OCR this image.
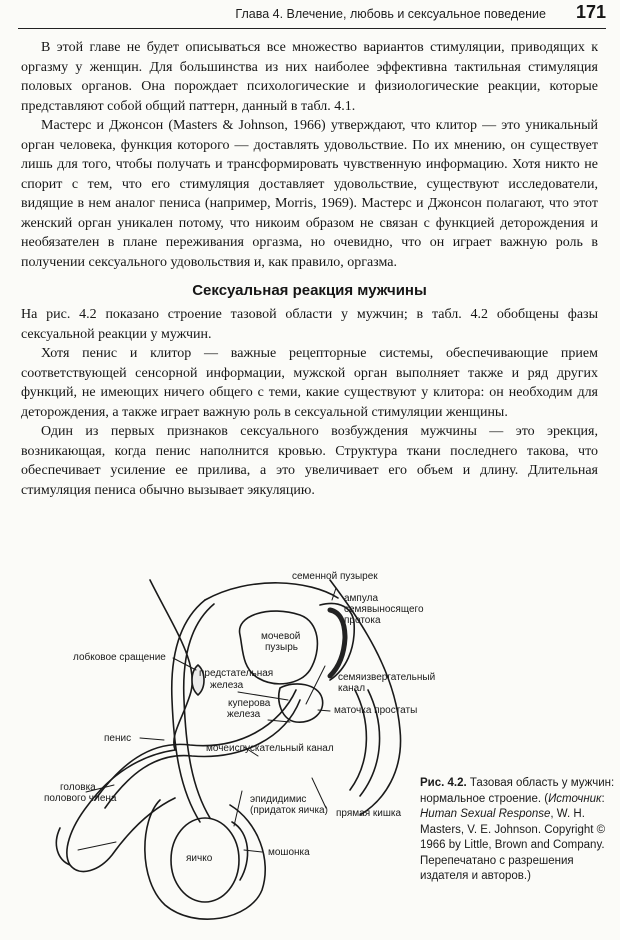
Глава 4. Влечение, любовь и сексуальное поведение 171

В этой главе не будет описываться все множество вариантов стимуляции, приводящих к оргазму у женщин. Для большинства из них наиболее эффективна тактильная стимуляция половых органов. Она порождает психологические и физиологические реакции, которые представляют собой общий паттерн, данный в табл. 4.1.

Мастерс и Джонсон (Masters & Johnson, 1966) утверждают, что клитор — это уникальный орган человека, функция которого — доставлять удовольствие. По их мнению, он существует лишь для того, чтобы получать и трансформировать чувственную информацию. Хотя никто не спорит с тем, что его стимуляция доставляет удовольствие, существуют исследователи, видящие в нем аналог пениса (например, Morris, 1969). Мастерс и Джонсон полагают, что этот женский орган уникален потому, что никоим образом не связан с функцией деторождения и необязателен в плане переживания оргазма, но очевидно, что он играет важную роль в получении сексуального удовольствия и, как правило, оргазма.

Сексуальная реакция мужчины

На рис. 4.2 показано строение тазовой области у мужчин; в табл. 4.2 обобщены фазы сексуальной реакции у мужчин.

Хотя пенис и клитор — важные рецепторные системы, обеспечивающие прием соответствующей сенсорной информации, мужской орган выполняет также и ряд других функций, не имеющих ничего общего с теми, какие существуют у клитора: он необходим для деторождения, а также играет важную роль в сексуальной стимуляции женщины.

Один из первых признаков сексуального возбуждения мужчины — это эрекция, возникающая, когда пенис наполнится кровью. Структура ткани последнего такова, что обеспечивает усиление ее прилива, а это увеличивает его объем и длину. Длительная стимуляция пениса обычно вызывает эякуляцию.

семенной пузырек
ампула
семявыносящего
протока
мочевой
пузырь
лобковое сращение
предстательная
железа
семяизвергательный
канал
маточка простаты
куперова
железа
пенис
мочеиспускательный канал
прямая кишка
головка
полового члена	эпидидимис
(придаток яичка)
яичко
мошонка
Рис. 4.2. Тазовая область у мужчин: нормальное строение. (Источник: Human Sexual Response, W. H. Masters, V. E. Johnson. Copyright © 1966 by Little, Brown and Company. Перепечатано с разрешения издателя и авторов.)
